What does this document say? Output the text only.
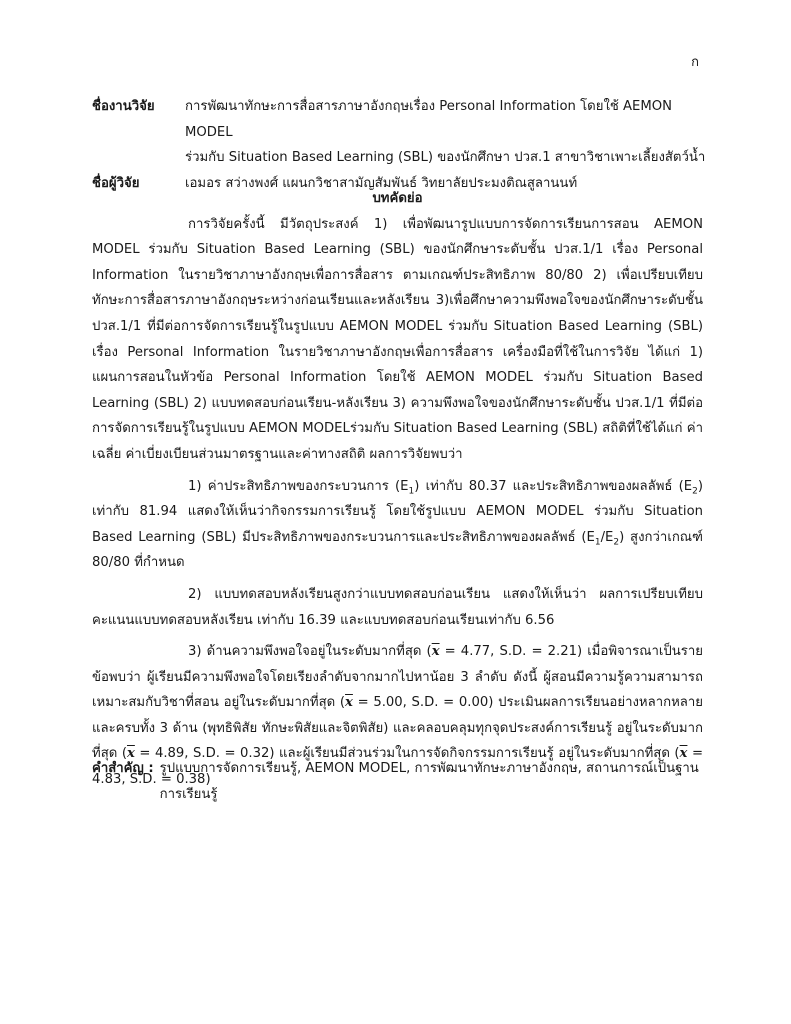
ก
ชื่องานวิจัย	การพัฒนาทักษะการสื่อสารภาษาอังกฤษเรื่อง Personal Information โดยใช้ AEMON MODEL
ร่วมกับ Situation Based Learning (SBL) ของนักศึกษา ปวส.1 สาขาวิชาเพาะเลี้ยงสัตว์น้ำ
ชื่อผู้วิจัย	เอมอร สว่างพงศ์ แผนกวิชาสามัญสัมพันธ์ วิทยาลัยประมงติณสูลานนท์

บทคัดย่อ

การวิจัยครั้งนี้ มีวัตถุประสงค์ 1) เพื่อพัฒนารูปแบบการจัดการเรียนการสอน AEMON MODEL ร่วมกับ Situation Based Learning (SBL) ของนักศึกษาระดับชั้น ปวส.1/1 เรื่อง Personal Information ในรายวิชาภาษาอังกฤษเพื่อการสื่อสาร ตามเกณฑ์ประสิทธิภาพ 80/80 2) เพื่อเปรียบเทียบทักษะการสื่อสารภาษาอังกฤษระหว่างก่อนเรียนและหลังเรียน 3)เพื่อศึกษาความพึงพอใจของนักศึกษาระดับชั้น ปวส.1/1 ที่มีต่อการจัดการเรียนรู้ในรูปแบบ AEMON MODEL ร่วมกับ Situation Based Learning (SBL) เรื่อง Personal Information ในรายวิชาภาษาอังกฤษเพื่อการสื่อสาร เครื่องมือที่ใช้ในการวิจัย ได้แก่ 1) แผนการสอนในหัวข้อ Personal Information โดยใช้ AEMON MODEL ร่วมกับ Situation Based Learning (SBL) 2) แบบทดสอบก่อนเรียน-หลังเรียน 3) ความพึงพอใจของนักศึกษาระดับชั้น ปวส.1/1 ที่มีต่อการจัดการเรียนรู้ในรูปแบบ AEMON MODELร่วมกับ Situation Based Learning (SBL) สถิติที่ใช้ได้แก่ ค่าเฉลี่ย ค่าเบี่ยงเบียนส่วนมาตรฐานและค่าทางสถิติ ผลการวิจัยพบว่า

1) ค่าประสิทธิภาพของกระบวนการ $(E_1)$ เท่ากับ 80.37 และประสิทธิภาพของผลลัพธ์ $(E_2)$ เท่ากับ 81.94 แสดงให้เห็นว่ากิจกรรมการเรียนรู้ โดยใช้รูปแบบ AEMON MODEL ร่วมกับ Situation Based Learning (SBL) มีประสิทธิภาพของกระบวนการและประสิทธิภาพของผลลัพธ์ $(E_1/E_2)$ สูงกว่าเกณฑ์ 80/80 ที่กำหนด

2) แบบทดสอบหลังเรียนสูงกว่าแบบทดสอบก่อนเรียน แสดงให้เห็นว่า ผลการเปรียบเทียบคะแนนแบบทดสอบหลังเรียน เท่ากับ 16.39 และแบบทดสอบก่อนเรียนเท่ากับ 6.56

3) ด้านความพึงพอใจอยู่ในระดับมากที่สุด ($\overline{x} = 4.77$, S.D. = 2.21) เมื่อพิจารณาเป็นรายข้อพบว่า ผู้เรียนมีความพึงพอใจโดยเรียงลำดับจากมากไปหาน้อย 3 ลำดับ ดังนี้ ผู้สอนมีความรู้ความสามารถเหมาะสมกับวิชาที่สอน อยู่ในระดับมากที่สุด ($\overline{x} = 5.00$, S.D. = 0.00) ประเมินผลการเรียนอย่างหลากหลายและครบทั้ง 3 ด้าน (พุทธิพิสัย ทักษะพิสัยและจิตพิสัย) และคลอบคลุมทุกจุดประสงค์การเรียนรู้ อยู่ในระดับมากที่สุด ($\overline{x} = 4.89$, S.D. = 0.32) และผู้เรียนมีส่วนร่วมในการจัดกิจกรรมการเรียนรู้ อยู่ในระดับมากที่สุด ($\overline{x} = 4.83$, S.D. = 0.38)

คำสำคัญ : รูปแบบการจัดการเรียนรู้, AEMON MODEL, การพัฒนาทักษะภาษาอังกฤษ, สถานการณ์เป็นฐานการเรียนรู้
